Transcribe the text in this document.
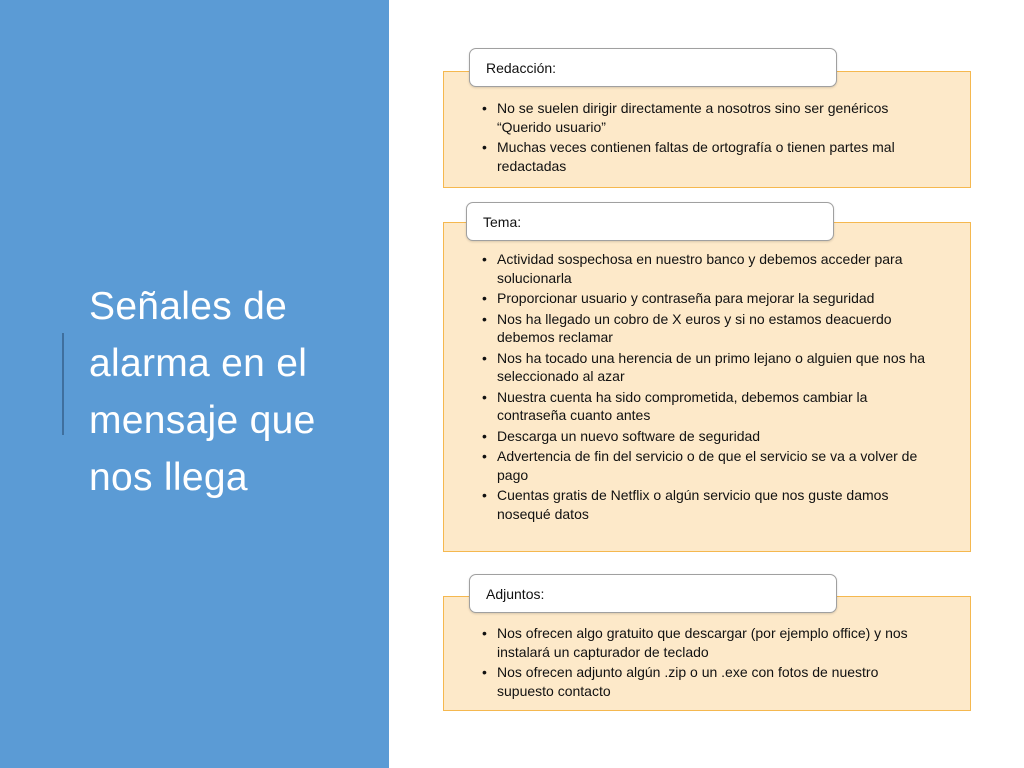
Señales de alarma en el mensaje que nos llega
• No se suelen dirigir directamente a nosotros sino ser genéricos “Querido usuario”
• Muchas veces contienen faltas de ortografía o tienen partes mal redactadas
Redacción:
• Actividad sospechosa en nuestro banco y debemos acceder para solucionarla
• Proporcionar usuario y contraseña para mejorar la seguridad
• Nos ha llegado un cobro de X euros y si no estamos deacuerdo debemos reclamar
• Nos ha tocado una herencia de un primo lejano o alguien que nos ha seleccionado al azar
• Nuestra cuenta ha sido comprometida, debemos cambiar la contraseña cuanto antes
• Descarga un nuevo software de seguridad
• Advertencia de fin del servicio o de que el servicio se va a volver de pago
• Cuentas gratis de Netflix o algún servicio que nos guste damos nosequé datos
Tema:
• Nos ofrecen algo gratuito que descargar (por ejemplo office) y nos instalará un capturador de teclado
• Nos ofrecen adjunto algún .zip o un .exe con fotos de nuestro supuesto contacto
Adjuntos:
